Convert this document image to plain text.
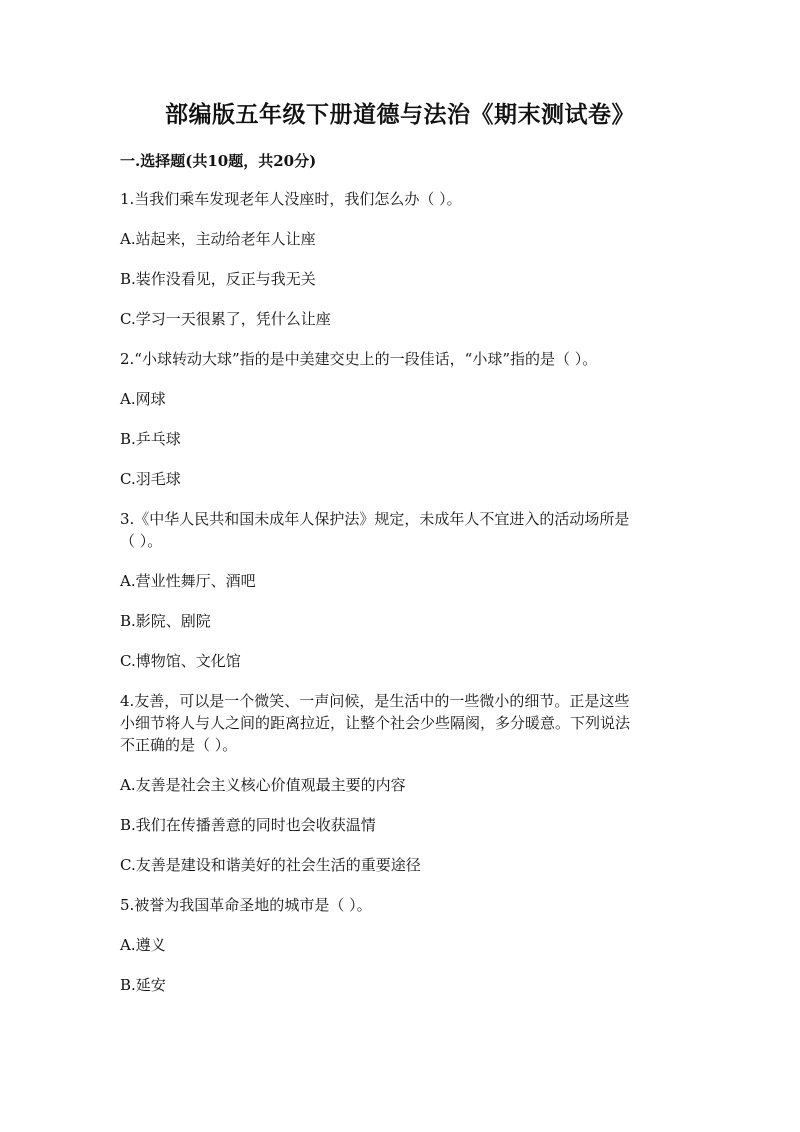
部编版五年级下册道德与法治《期末测试卷》
一.选择题(共10题，共20分)
1.当我们乘车发现老年人没座时，我们怎么办（ ）。
A.站起来，主动给老年人让座
B.装作没看见，反正与我无关
C.学习一天很累了，凭什么让座
2.“小球转动大球”指的是中美建交史上的一段佳话，“小球”指的是（ ）。
A.网球
B.乒乓球
C.羽毛球
3.《中华人民共和国未成年人保护法》规定，未成年人不宜进入的活动场所是（ ）。
A.营业性舞厅、酒吧
B.影院、剧院
C.博物馆、文化馆
4.友善，可以是一个微笑、一声问候，是生活中的一些微小的细节。正是这些小细节将人与人之间的距离拉近，让整个社会少些隔阂，多分暖意。下列说法不正确的是（ ）。
A.友善是社会主义核心价值观最主要的内容
B.我们在传播善意的同时也会收获温情
C.友善是建设和谐美好的社会生活的重要途径
5.被誉为我国革命圣地的城市是（ ）。
A.遵义
B.延安
